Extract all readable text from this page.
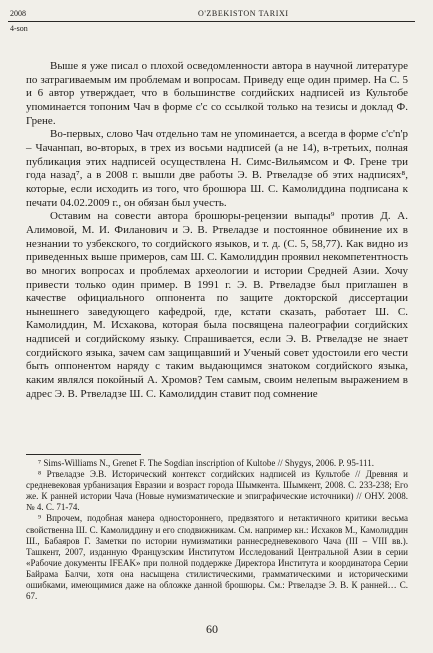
2008	O'ZBEKISTON TARIXI
4-son

Выше я уже писал о плохой осведомленности автора в научной литературе по затрагиваемым им проблемам и вопросам. Приведу еще один пример. На С. 5 и 6 автор утверждает, что в большинстве согдийских надписей из Культобе упоминается топоним Чач в форме c'c со ссылкой только на тезисы и доклад Ф. Грене.

Во-первых, слово Чач отдельно там не упоминается, а всегда в форме c'c'n'p – Чачанпап, во-вторых, в трех из восьми надписей (а не 14), в-третьих, полная публикация этих надписей осуществлена Н. Симс-Вильямсом и Ф. Грене три года назад⁷, а в 2008 г. вышли две работы Э. В. Ртвеладзе об этих надписях⁸, которые, если исходить из того, что брошюра Ш. С. Камолиддина подписана к печати 04.02.2009 г., он обязан был учесть.

Оставим на совести автора брошюры-рецензии выпады⁹ против Д. А. Алимовой, М. И. Филанович и Э. В. Ртвеладзе и постоянное обвинение их в незнании то узбекского, то согдийского языков, и т. д. (С. 5, 58,77). Как видно из приведенных выше примеров, сам Ш. С. Камолиддин проявил некомпетентность во многих вопросах и проблемах археологии и истории Средней Азии. Хочу привести только один пример. В 1991 г. Э. В. Ртвеладзе был приглашен в качестве официального оппонента по защите докторской диссертации нынешнего заведующего кафедрой, где, кстати сказать, работает Ш. С. Камолиддин, М. Исхакова, которая была посвящена палеографии согдийских надписей и согдийскому языку. Спрашивается, если Э. В. Ртвеладзе не знает согдийского языка, зачем сам защищавший и Ученый совет удостоили его чести быть оппонентом наряду с таким выдающимся знатоком согдийского языка, каким являлся покойный А. Хромов? Тем самым, своим нелепым выражением в адрес Э. В. Ртвеладзе Ш. С. Камолиддин ставит под сомнение

⁷ Sims-Williams N., Grenet F. The Sogdian inscription of Kultobe // Shygys, 2006. P. 95-111.

⁸ Ртвеладзе Э.В. Исторический контекст согдийских надписей из Культобе // Древняя и средневековая урбанизация Евразии и возраст города Шымкента. Шымкент, 2008. С. 233-238; Его же. К ранней истории Чача (Новые нумизматические и эпиграфические источники) // ОНУ. 2008. № 4. С. 71-74.

⁹ Впрочем, подобная манера одностороннего, предвзятого и нетактичного критики весьма свойственна Ш. С. Камолиддину и его сподвижникам. См. например кн.: Исхаков М., Камолиддин Ш., Бабаяров Г. Заметки по истории нумизматики раннесредневекового Чача (III – VIII вв.). Ташкент, 2007, изданную Французским Институтом Исследований Центральной Азии в серии «Рабочие документы IFEAK» при полной поддержке Директора Института и координатора Серии Байрама Балчи, хотя она насыщена стилистическими, грамматическими и историческими ошибками, имеющимися даже на обложке данной брошюры. См.: Ртвеладзе Э. В. К ранней… С. 67.

60
